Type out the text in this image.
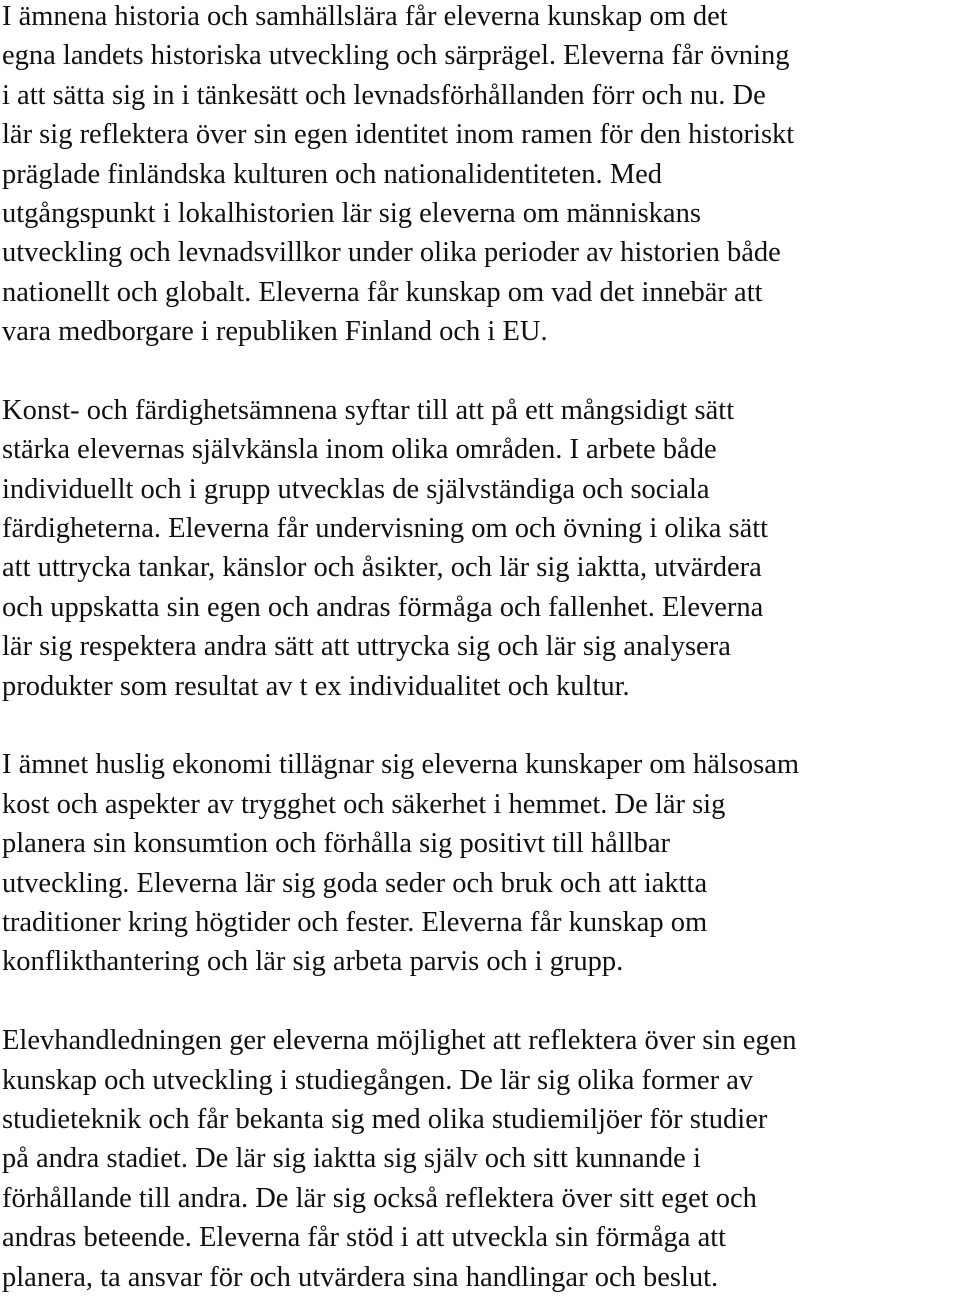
I ämnena historia och samhällslära får eleverna kunskap om det
egna landets historiska utveckling och särprägel. Eleverna får övning
i att sätta sig in i tänkesätt och levnadsförhållanden förr och nu. De
lär sig reflektera över sin egen identitet inom ramen för den historiskt
präglade finländska kulturen och nationalidentiteten. Med
utgångspunkt i lokalhistorien lär sig eleverna om människans
utveckling och levnadsvillkor under olika perioder av historien både
nationellt och globalt. Eleverna får kunskap om vad det innebär att
vara medborgare i republiken Finland och i EU.
Konst- och färdighetsämnena syftar till att på ett mångsidigt sätt
stärka elevernas självkänsla inom olika områden. I arbete både
individuellt och i grupp utvecklas de självständiga och sociala
färdigheterna. Eleverna får undervisning om och övning i olika sätt
att uttrycka tankar, känslor och åsikter, och lär sig iaktta, utvärdera
och uppskatta sin egen och andras förmåga och fallenhet. Eleverna
lär sig respektera andra sätt att uttrycka sig och lär sig analysera
produkter som resultat av t ex individualitet och kultur.
I ämnet huslig ekonomi tillägnar sig eleverna kunskaper om hälsosam
kost och aspekter av trygghet och säkerhet i hemmet. De lär sig
planera sin konsumtion och förhålla sig positivt till hållbar
utveckling. Eleverna lär sig goda seder och bruk och att iaktta
traditioner kring högtider och fester. Eleverna får kunskap om
konflikthantering och lär sig arbeta parvis och i grupp.
Elevhandledningen ger eleverna möjlighet att reflektera över sin egen
kunskap och utveckling i studiegången. De lär sig olika former av
studieteknik och får bekanta sig med olika studiemiljöer för studier
på andra stadiet. De lär sig iaktta sig själv och sitt kunnande i
förhållande till andra. De lär sig också reflektera över sitt eget och
andras beteende. Eleverna får stöd i att utveckla sin förmåga att
planera, ta ansvar för och utvärdera sina handlingar och beslut.
